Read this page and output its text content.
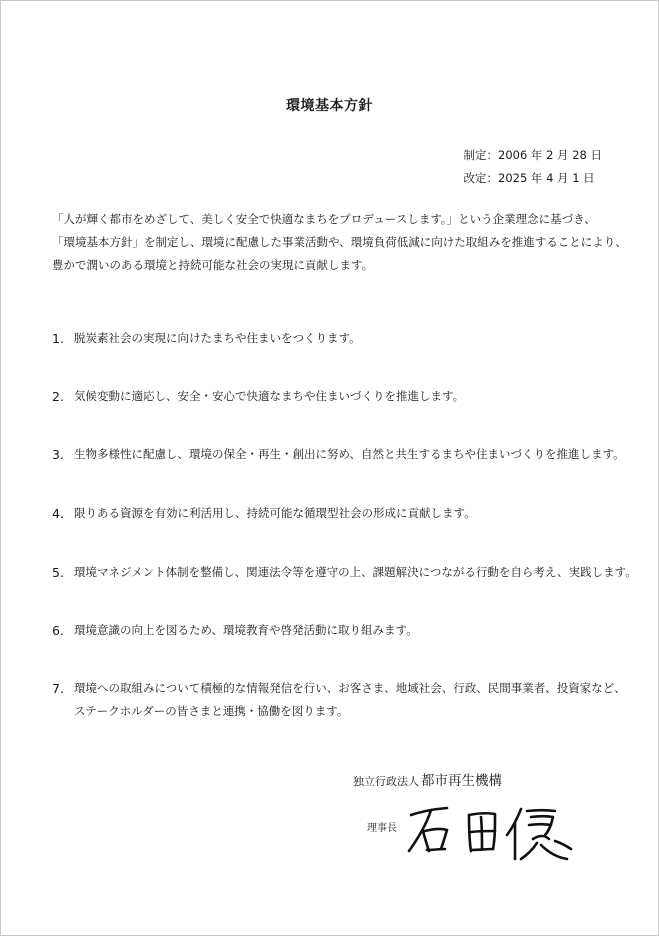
環境基本方針
制定：2006 年 2 月 28 日
改定：2025 年 4 月 1 日
「人が輝く都市をめざして、美しく安全で快適なまちをプロデュースします。」という企業理念に基づき、
「環境基本方針」を制定し、環境に配慮した事業活動や、環境負荷低減に向けた取組みを推進することにより、
豊かで潤いのある環境と持続可能な社会の実現に貢献します。
1. 脱炭素社会の実現に向けたまちや住まいをつくります。
2. 気候変動に適応し、安全・安心で快適なまちや住まいづくりを推進します。
3. 生物多様性に配慮し、環境の保全・再生・創出に努め、自然と共生するまちや住まいづくりを推進します。
4. 限りある資源を有効に利活用し、持続可能な循環型社会の形成に貢献します。
5. 環境マネジメント体制を整備し、関連法令等を遵守の上、課題解決につながる行動を自ら考え、実践します。
6. 環境意識の向上を図るため、環境教育や啓発活動に取り組みます。
7. 環境への取組みについて積極的な情報発信を行い、お客さま、地域社会、行政、民間事業者、投資家など、
ステークホルダーの皆さまと連携・協働を図ります。
独立行政法人 都市再生機構
理事長
